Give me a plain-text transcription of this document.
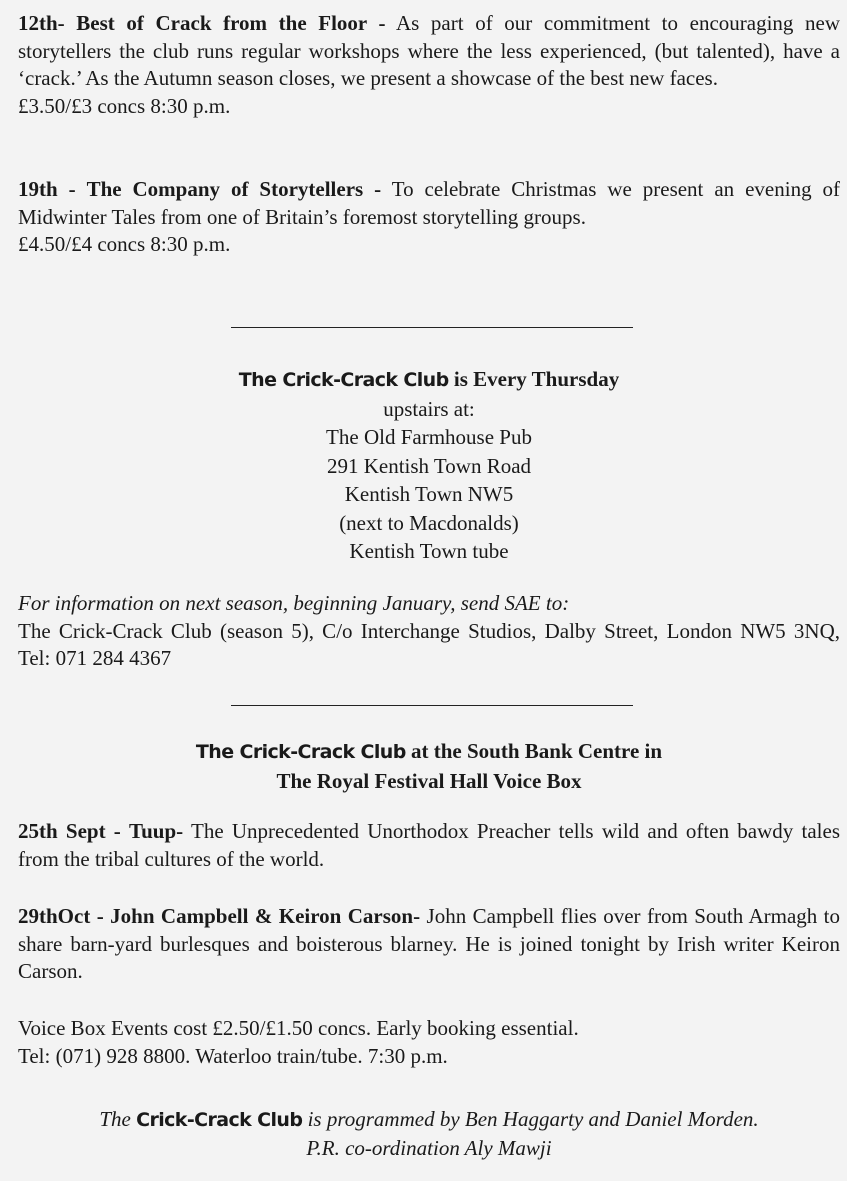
12th- Best of Crack from the Floor - As part of our commitment to encouraging new storytellers the club runs regular workshops where the less experienced, (but talented), have a ‘crack.’ As the Autumn season closes, we present a showcase of the best new faces.

£3.50/£3 concs 8:30 p.m.

19th - The Company of Storytellers - To celebrate Christmas we present an evening of Midwinter Tales from one of Britain’s foremost storytelling groups.

£4.50/£4 concs 8:30 p.m.

The Crick-Crack Club is Every Thursday

upstairs at:

The Old Farmhouse Pub

291 Kentish Town Road

Kentish Town NW5

(next to Macdonalds)

Kentish Town tube

For information on next season, beginning January, send SAE to:

The Crick-Crack Club (season 5), C/o Interchange Studios, Dalby Street, London NW5 3NQ, Tel: 071 284 4367

The Crick-Crack Club at the South Bank Centre in

The Royal Festival Hall Voice Box

25th Sept - Tuup- The Unprecedented Unorthodox Preacher tells wild and often bawdy tales from the tribal cultures of the world.

29thOct - John Campbell & Keiron Carson- John Campbell flies over from South Armagh to share barn-yard burlesques and boisterous blarney. He is joined tonight by Irish writer Keiron Carson.

Voice Box Events cost £2.50/£1.50 concs. Early booking essential.

Tel: (071) 928 8800. Waterloo train/tube. 7:30 p.m.

The Crick-Crack Club is programmed by Ben Haggarty and Daniel Morden.

P.R. co-ordination Aly Mawji
